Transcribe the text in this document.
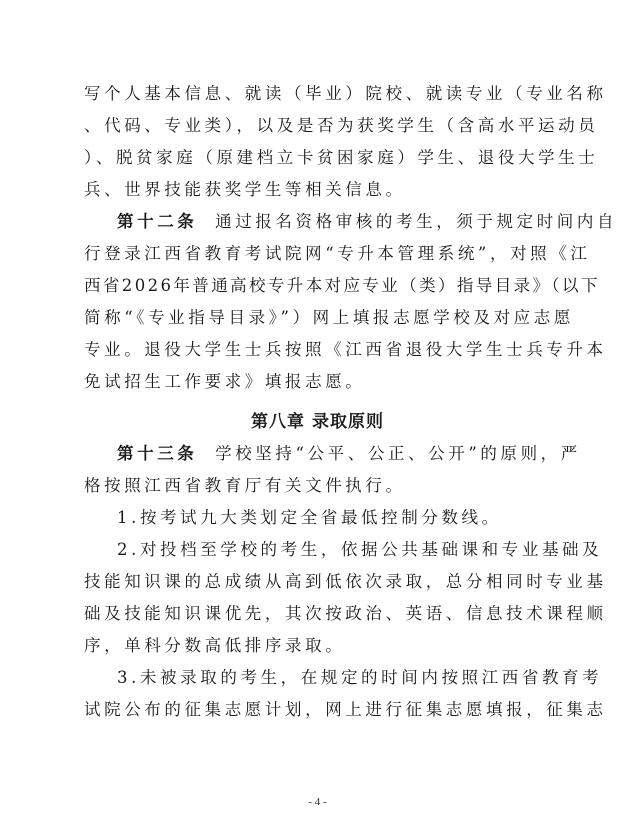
写个人基本信息、就读（毕业）院校、就读专业（专业名称
、代码、专业类），以及是否为获奖学生（含高水平运动员
）、脱贫家庭（原建档立卡贫困家庭）学生、退役大学生士
兵、世界技能获奖学生等相关信息。
第十二条 通过报名资格审核的考生，须于规定时间内自
行登录江西省教育考试院网“专升本管理系统”，对照《江
西省2026年普通高校专升本对应专业（类）指导目录》（以下
简称“《专业指导目录》”）网上填报志愿学校及对应志愿
专业。退役大学生士兵按照《江西省退役大学生士兵专升本
免试招生工作要求》填报志愿。
第八章 录取原则
第十三条 学校坚持“公平、公正、公开”的原则，严
格按照江西省教育厅有关文件执行。
1.按考试九大类划定全省最低控制分数线。
2.对投档至学校的考生，依据公共基础课和专业基础及
技能知识课的总成绩从高到低依次录取，总分相同时专业基
础及技能知识课优先，其次按政治、英语、信息技术课程顺
序，单科分数高低排序录取。
3.未被录取的考生，在规定的时间内按照江西省教育考
试院公布的征集志愿计划，网上进行征集志愿填报，征集志
- 4 -
